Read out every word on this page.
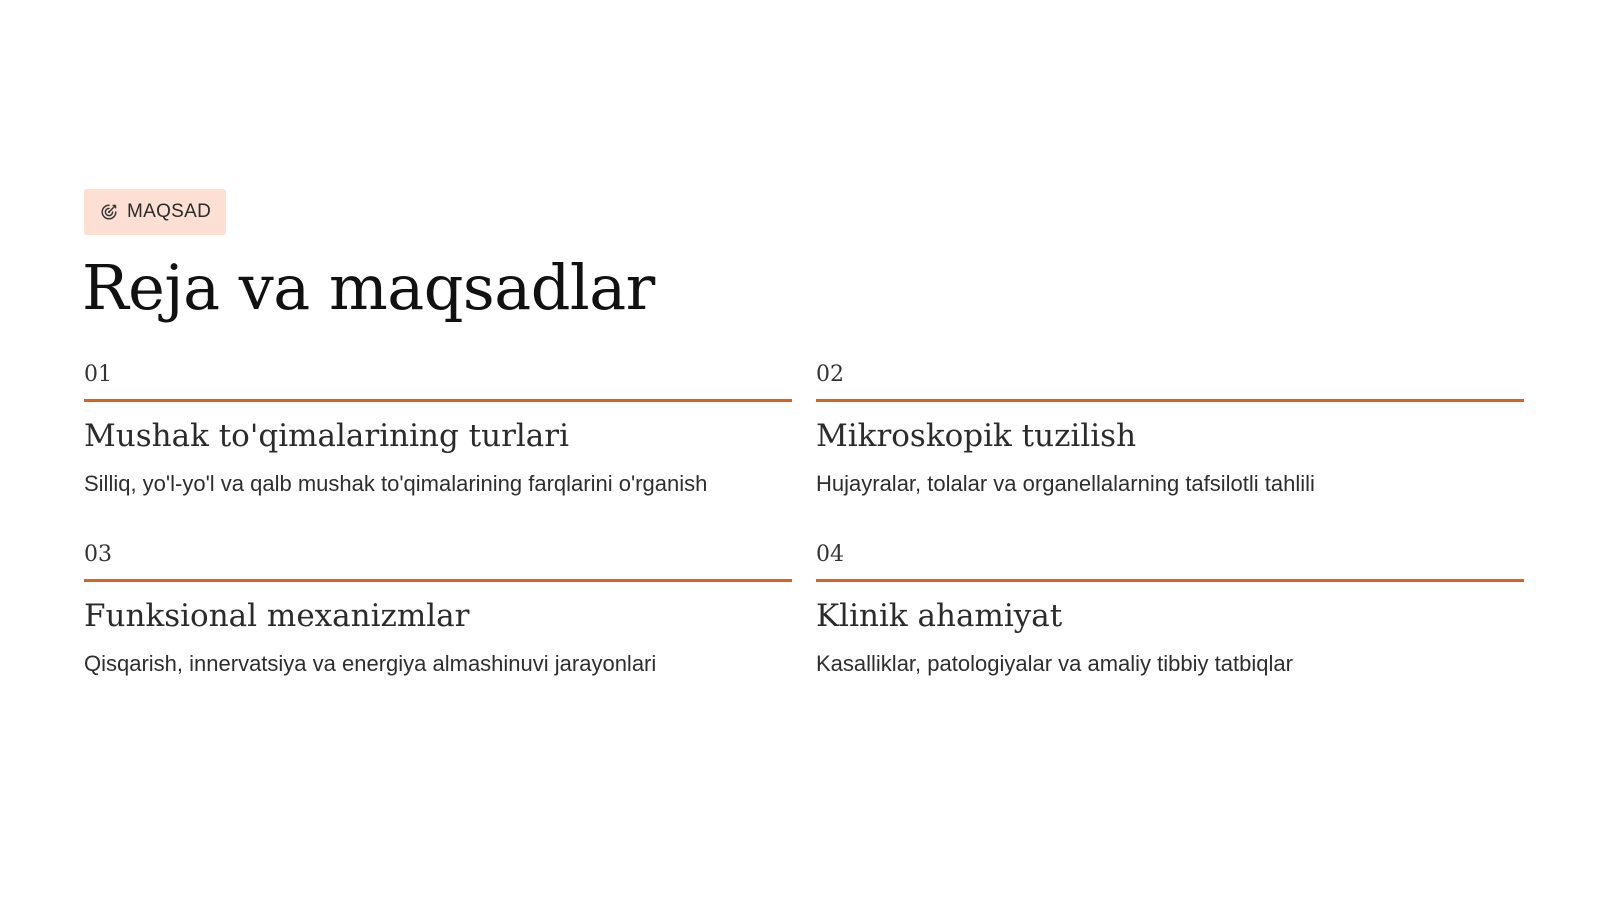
MAQSAD
Reja va maqsadlar
01
Mushak to'qimalarining turlari
Silliq, yo'l-yo'l va qalb mushak to'qimalarining farqlarini o'rganish
02
Mikroskopik tuzilish
Hujayralar, tolalar va organellalarning tafsilotli tahlili
03
Funksional mexanizmlar
Qisqarish, innervatsiya va energiya almashinuvi jarayonlari
04
Klinik ahamiyat
Kasalliklar, patologiyalar va amaliy tibbiy tatbiqlar
